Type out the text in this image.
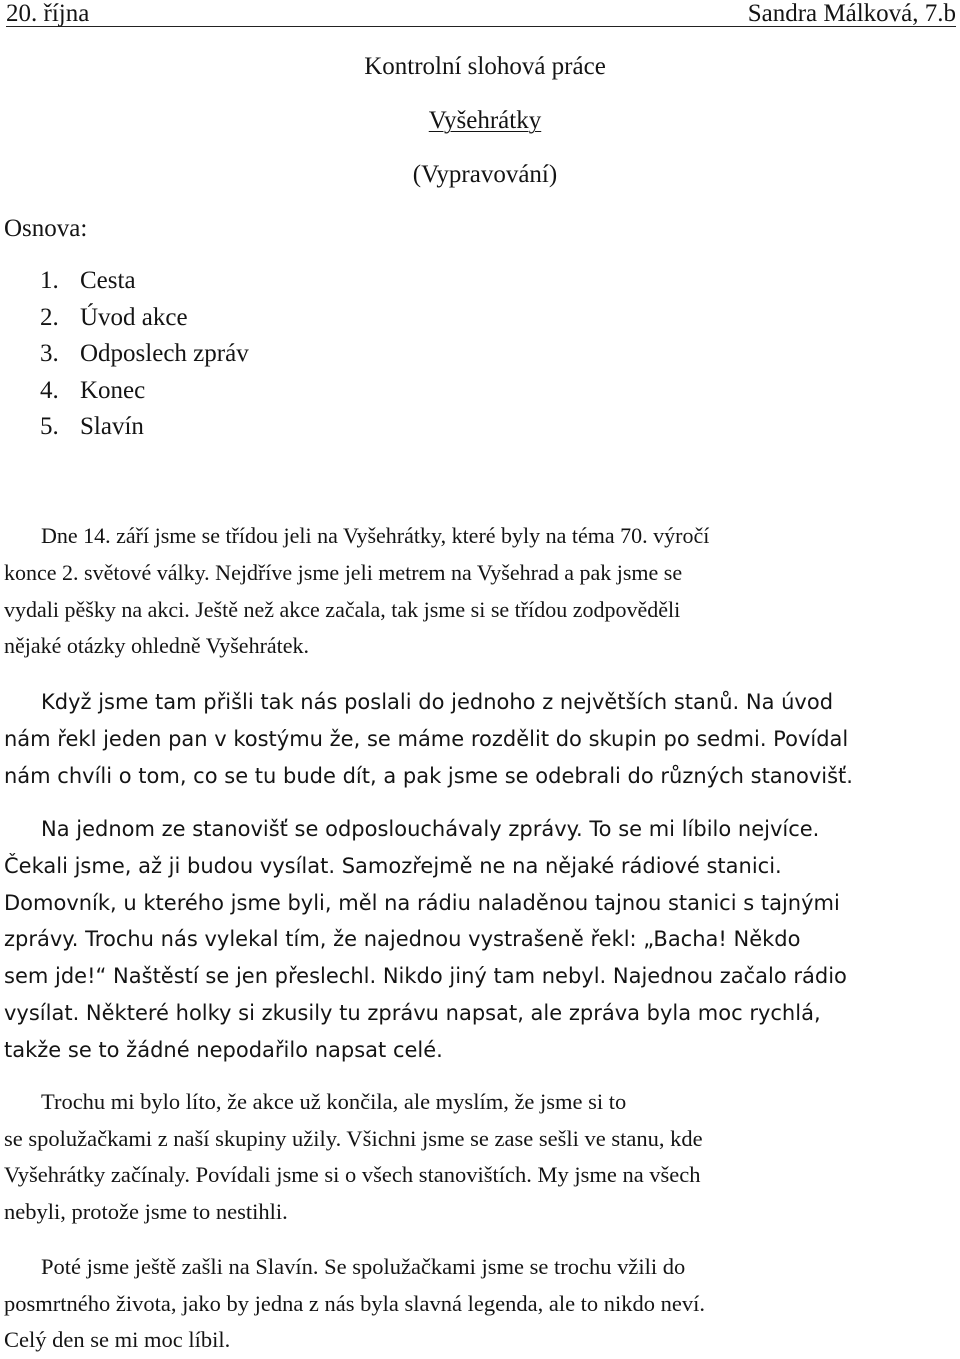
20. října	Sandra Málková, 7.b
Kontrolní slohová práce
Vyšehrátky
(Vypravování)
Osnova:
1. Cesta
2. Úvod akce
3. Odposlech zpráv
4. Konec
5. Slavín

Dne 14. září jsme se třídou jeli na Vyšehrátky, které byly na téma 70. výročí
konce 2. světové války. Nejdříve jsme jeli metrem na Vyšehrad a pak jsme se
vydali pěšky na akci. Ještě než akce začala, tak jsme si se třídou zodpověděli
nějaké otázky ohledně Vyšehrátek.

Když jsme tam přišli tak nás poslali do jednoho z největších stanů. Na úvod
nám řekl jeden pan v kostýmu že, se máme rozdělit do skupin po sedmi. Povídal
nám chvíli o tom, co se tu bude dít, a pak jsme se odebrali do různých stanovišť.

Na jednom ze stanovišť se odposlouchávaly zprávy. To se mi líbilo nejvíce.
Čekali jsme, až ji budou vysílat. Samozřejmě ne na nějaké rádiové stanici.
Domovník, u kterého jsme byli, měl na rádiu naladěnou tajnou stanici s tajnými
zprávy. Trochu nás vylekal tím, že najednou vystrašeně řekl: „Bacha! Někdo
sem jde!“ Naštěstí se jen přeslechl. Nikdo jiný tam nebyl. Najednou začalo rádio
vysílat. Některé holky si zkusily tu zprávu napsat, ale zpráva byla moc rychlá,
takže se to žádné nepodařilo napsat celé.

Trochu mi bylo líto, že akce už končila, ale myslím, že jsme si to
se spolužačkami z naší skupiny užily. Všichni jsme se zase sešli ve stanu, kde
Vyšehrátky začínaly. Povídali jsme si o všech stanovištích. My jsme na všech
nebyli, protože jsme to nestihli.

Poté jsme ještě zašli na Slavín. Se spolužačkami jsme se trochu vžili do
posmrtného života, jako by jedna z nás byla slavná legenda, ale to nikdo neví.
Celý den se mi moc líbil.
